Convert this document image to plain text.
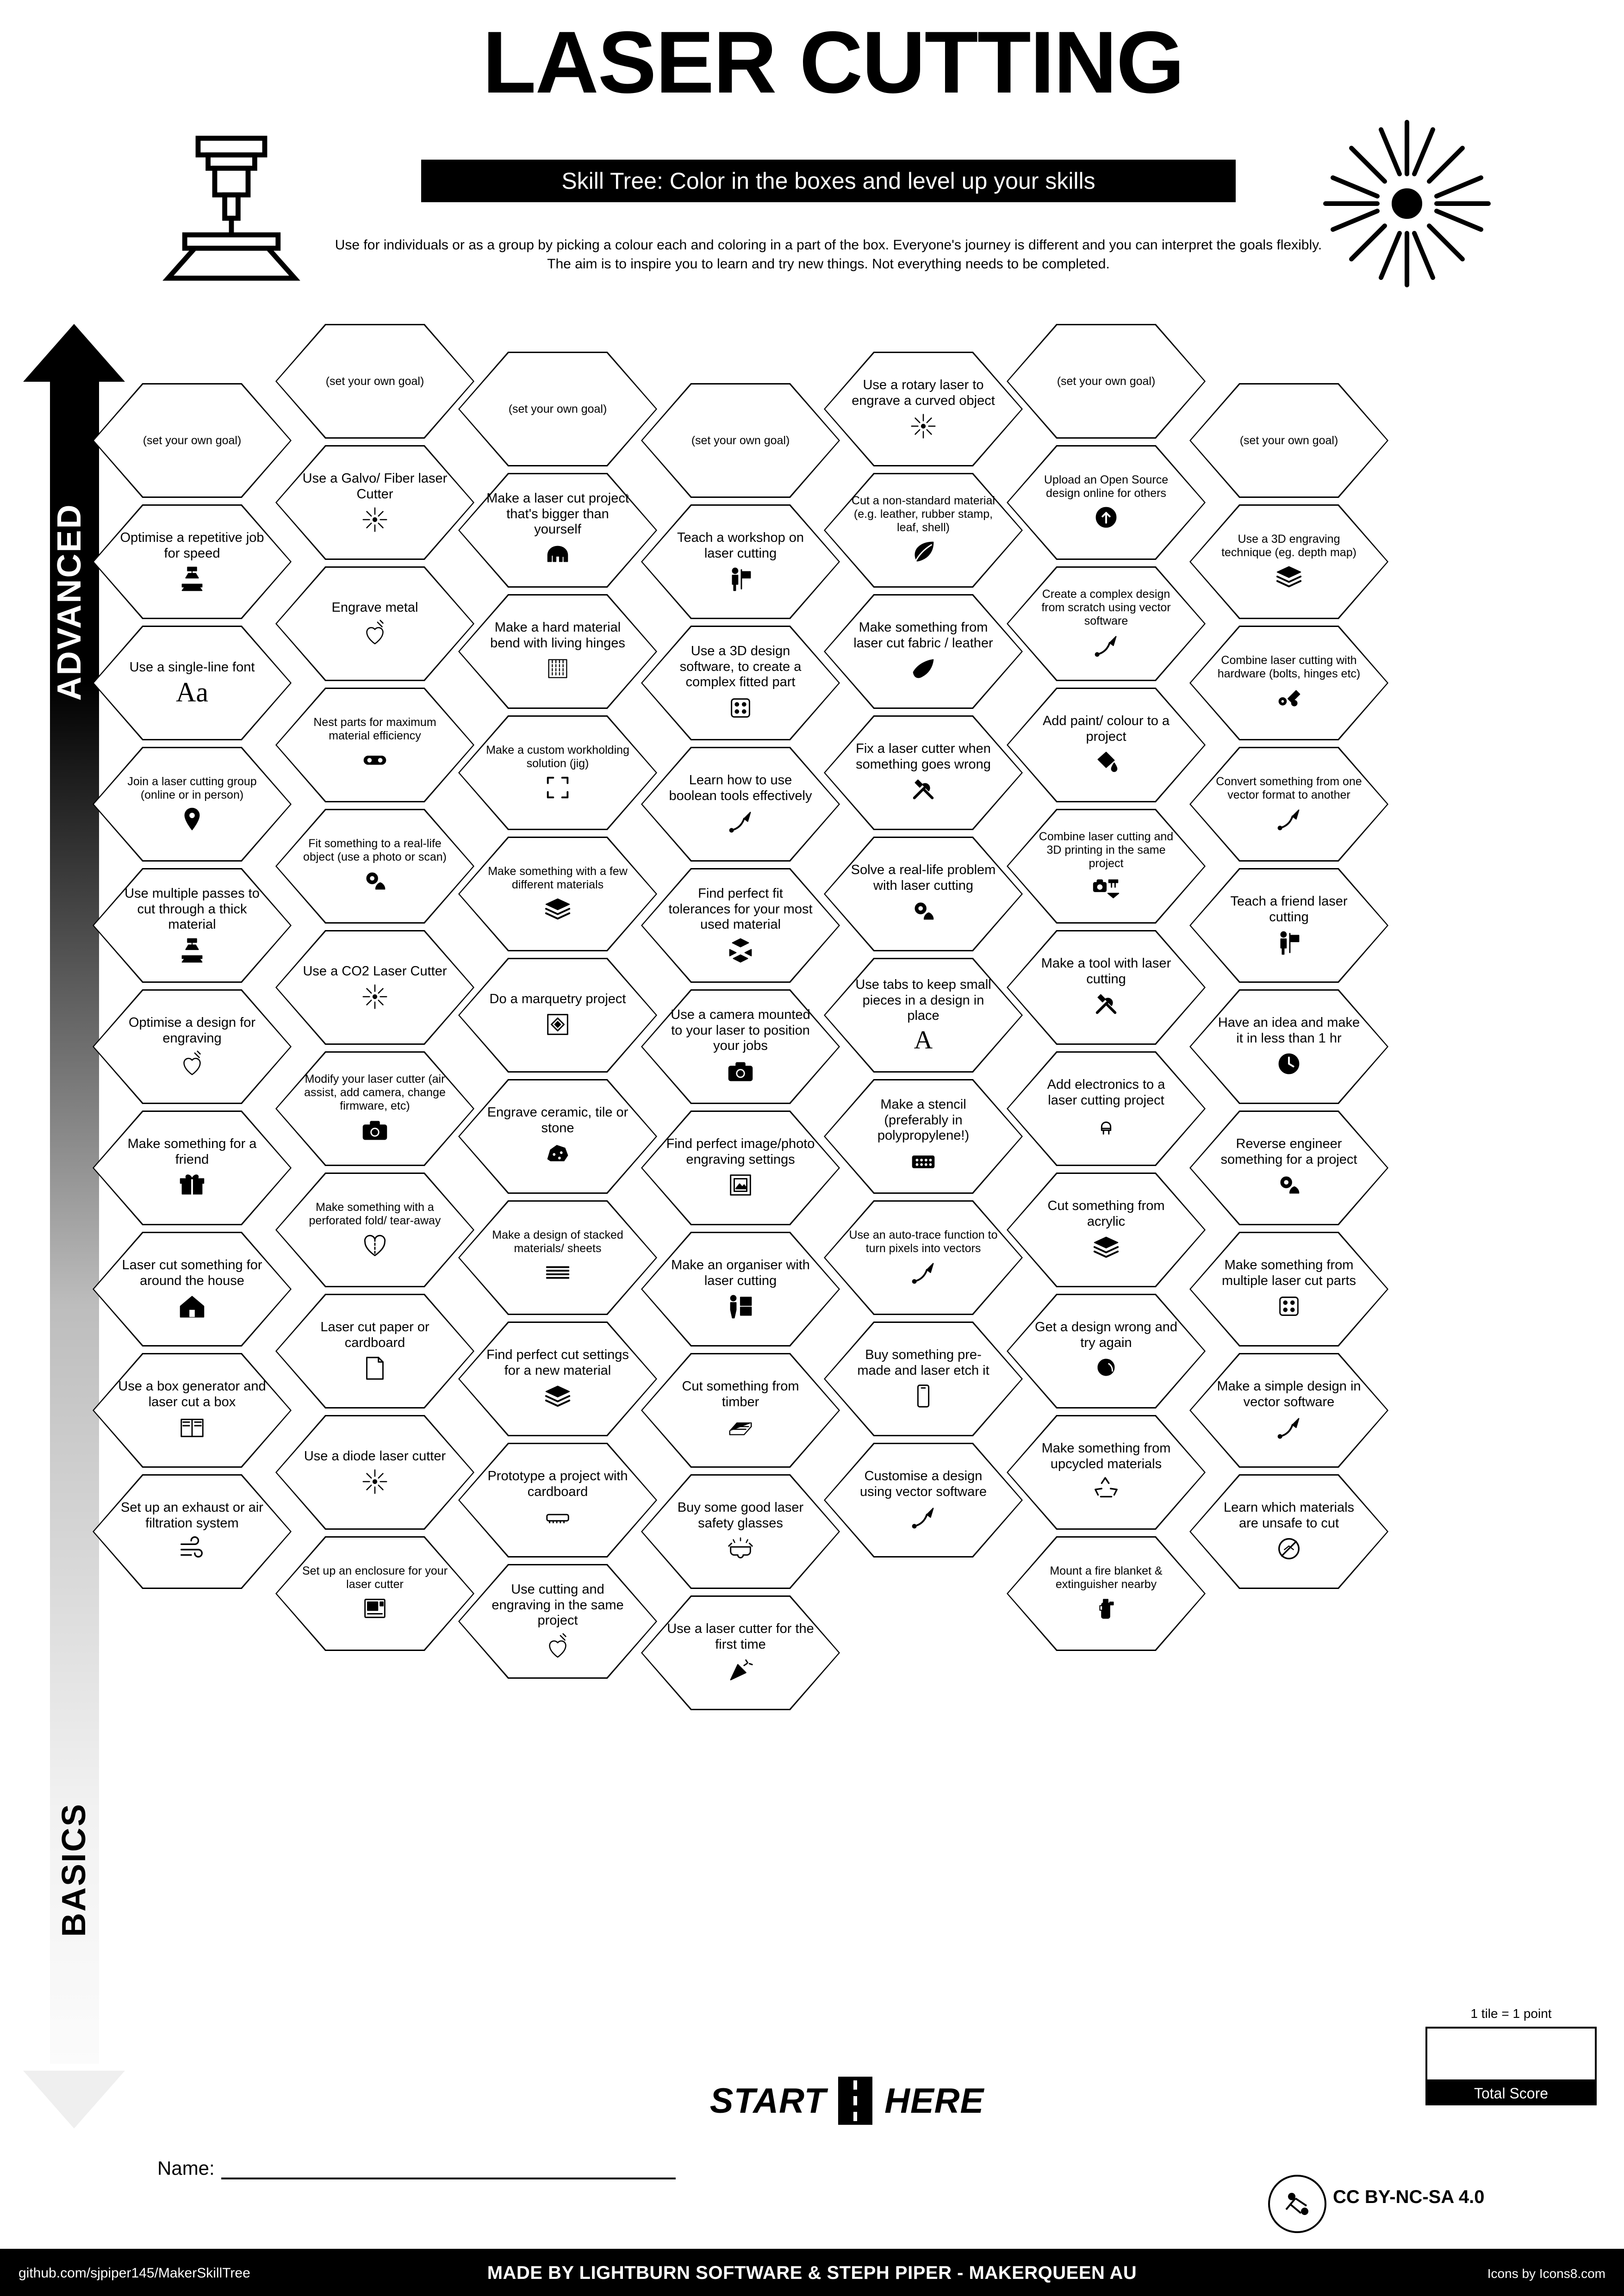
LASER CUTTING
Skill Tree: Color in the boxes and level up your skills
Use for individuals or as a group by picking a colour each and coloring in a part of the box. Everyone's journey is different and you can interpret the goals flexibly. The aim is to inspire you to learn and try new things. Not everything needs to be completed.
ADVANCED
BASICS
(set your own goal)
Optimise a repetitive job for speed
Use a single-line font
Aa
Join a laser cutting group (online or in person)
Use multiple passes to cut through a thick material
Optimise a design for engraving
Make something for a friend
Laser cut something for around the house
Use a box generator and laser cut a box
Set up an exhaust or air filtration system
(set your own goal)
Use a Galvo/ Fiber laser Cutter
Engrave metal
Nest parts for maximum material efficiency
Fit something to a real-life object (use a photo or scan)
Use a CO2 Laser Cutter
Modify your laser cutter (air assist, add camera, change firmware, etc)
Make something with a perforated fold/ tear-away
Laser cut paper or cardboard
Use a diode laser cutter
Set up an enclosure for your laser cutter
(set your own goal)
Make a laser cut project that's bigger than yourself
Make a hard material bend with living hinges
Make a custom workholding solution (jig)
Make something with a few different materials
Do a marquetry project
Engrave ceramic, tile or stone
Make a design of stacked materials/ sheets
Find perfect cut settings for a new material
Prototype a project with cardboard
Use cutting and engraving in the same project
(set your own goal)
Teach a workshop on laser cutting
Use a 3D design software, to create a complex fitted part
Learn how to use boolean tools effectively
Find perfect fit tolerances for your most used material
Use a camera mounted to your laser to position your jobs
Find perfect image/photo engraving settings
Make an organiser with laser cutting
Cut something from timber
Buy some good laser safety glasses
Use a laser cutter for the first time
Use a rotary laser to engrave a curved object
Cut a non-standard material (e.g. leather, rubber stamp, leaf, shell)
Make something from laser cut fabric / leather
Fix a laser cutter when something goes wrong
Solve a real-life problem with laser cutting
Use tabs to keep small pieces in a design in place
A
Make a stencil (preferably in polypropylene!)
Use an auto-trace function to turn pixels into vectors
Buy something pre-made and laser etch it
Customise a design using vector software
(set your own goal)
Upload an Open Source design online for others
Create a complex design from scratch using vector software
Add paint/ colour to a project
Combine laser cutting and 3D printing in the same project
Make a tool with laser cutting
Add electronics to a laser cutting project
Cut something from acrylic
Get a design wrong and try again
Make something from upcycled materials
Mount a fire blanket & extinguisher nearby
(set your own goal)
Use a 3D engraving technique (eg. depth map)
Combine laser cutting with hardware (bolts, hinges etc)
Convert something from one vector format to another
Teach a friend laser cutting
Have an idea and make it in less than 1 hr
Reverse engineer something for a project
Make something from multiple laser cut parts
Make a simple design in vector software
Learn which materials are unsafe to cut
START HERE
1 tile = 1 point
Total Score
Name:
CC BY-NC-SA 4.0
github.com/sjpiper145/MakerSkillTree	MADE BY LIGHTBURN SOFTWARE & STEPH PIPER - MAKERQUEEN AU	Icons by Icons8.com
